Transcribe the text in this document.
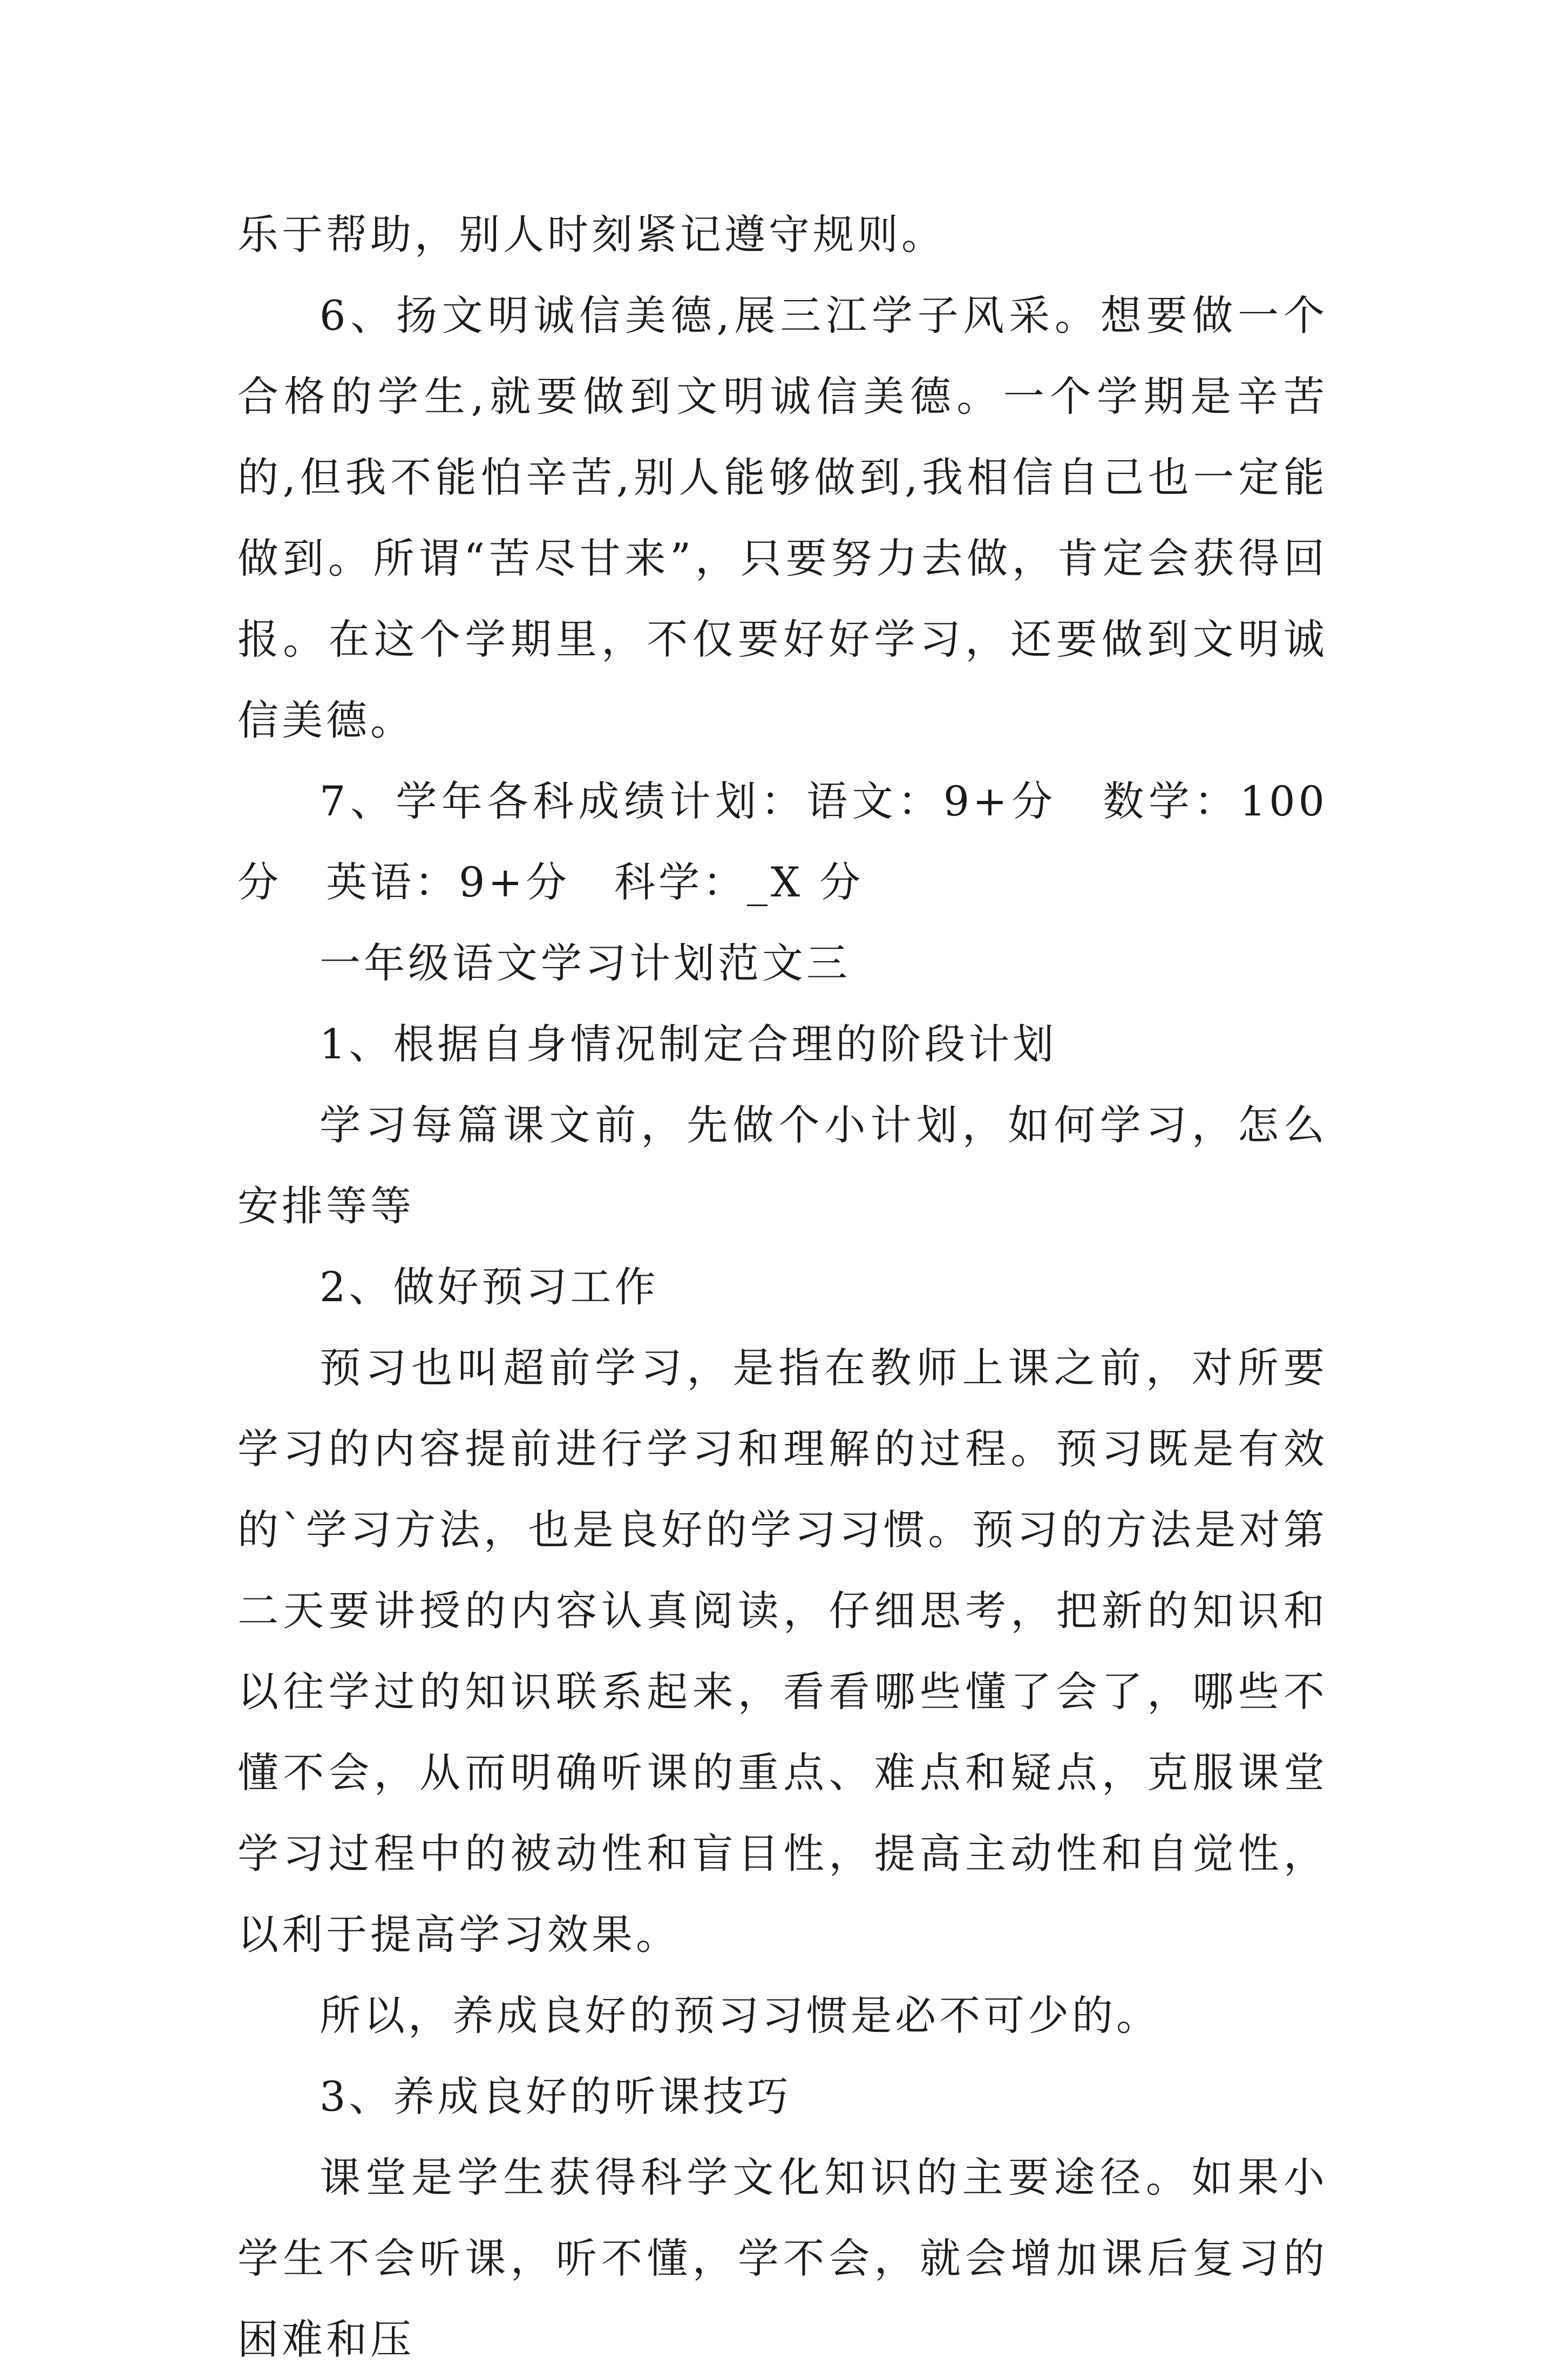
乐于帮助，别人时刻紧记遵守规则。

6、扬文明诚信美德,展三江学子风采。想要做一个合格的学生,就要做到文明诚信美德。一个学期是辛苦的,但我不能怕辛苦,别人能够做到,我相信自己也一定能做到。所谓“苦尽甘来”，只要努力去做，肯定会获得回报。在这个学期里，不仅要好好学习，还要做到文明诚信美德。

7、学年各科成绩计划：语文：9+分　数学：100分　英语：9+分　科学：_X 分

一年级语文学习计划范文三

1、根据自身情况制定合理的阶段计划

学习每篇课文前，先做个小计划，如何学习，怎么安排等等

2、做好预习工作

预习也叫超前学习，是指在教师上课之前，对所要学习的内容提前进行学习和理解的过程。预习既是有效的`学习方法，也是良好的学习习惯。预习的方法是对第二天要讲授的内容认真阅读，仔细思考，把新的知识和以往学过的知识联系起来，看看哪些懂了会了，哪些不懂不会，从而明确听课的重点、难点和疑点，克服课堂学习过程中的被动性和盲目性，提高主动性和自觉性，以利于提高学习效果。

所以，养成良好的预习习惯是必不可少的。

3、养成良好的听课技巧

课堂是学生获得科学文化知识的主要途径。如果小学生不会听课，听不懂，学不会，就会增加课后复习的困难和压
